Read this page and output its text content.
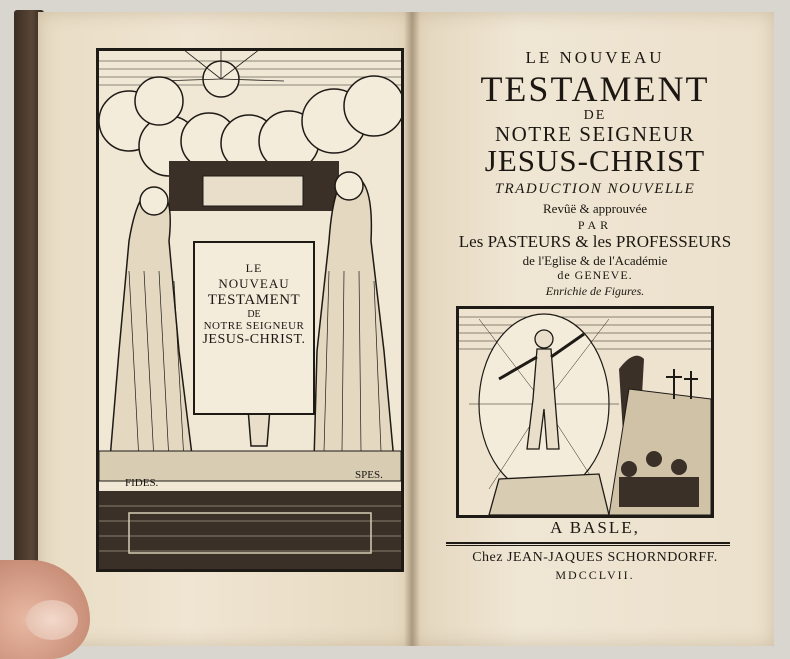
LE
NOUVEAU
TESTAMENT
DE
NOTRE SEIGNEUR
JESUS-CHRIST.
FIDES.
SPES.
LE NOUVEAU
TESTAMENT
DE
NOTRE SEIGNEUR
JESUS-CHRIST
TRADUCTION NOUVELLE
Revûë & approuvée
PAR
Les PASTEURS & les PROFESSEURS
de l'Eglise & de l'Académie
de GENEVE.
Enrichie de Figures.
A BASLE,
Chez JEAN-JAQUES SCHORNDORFF.
MDCCLVII.
